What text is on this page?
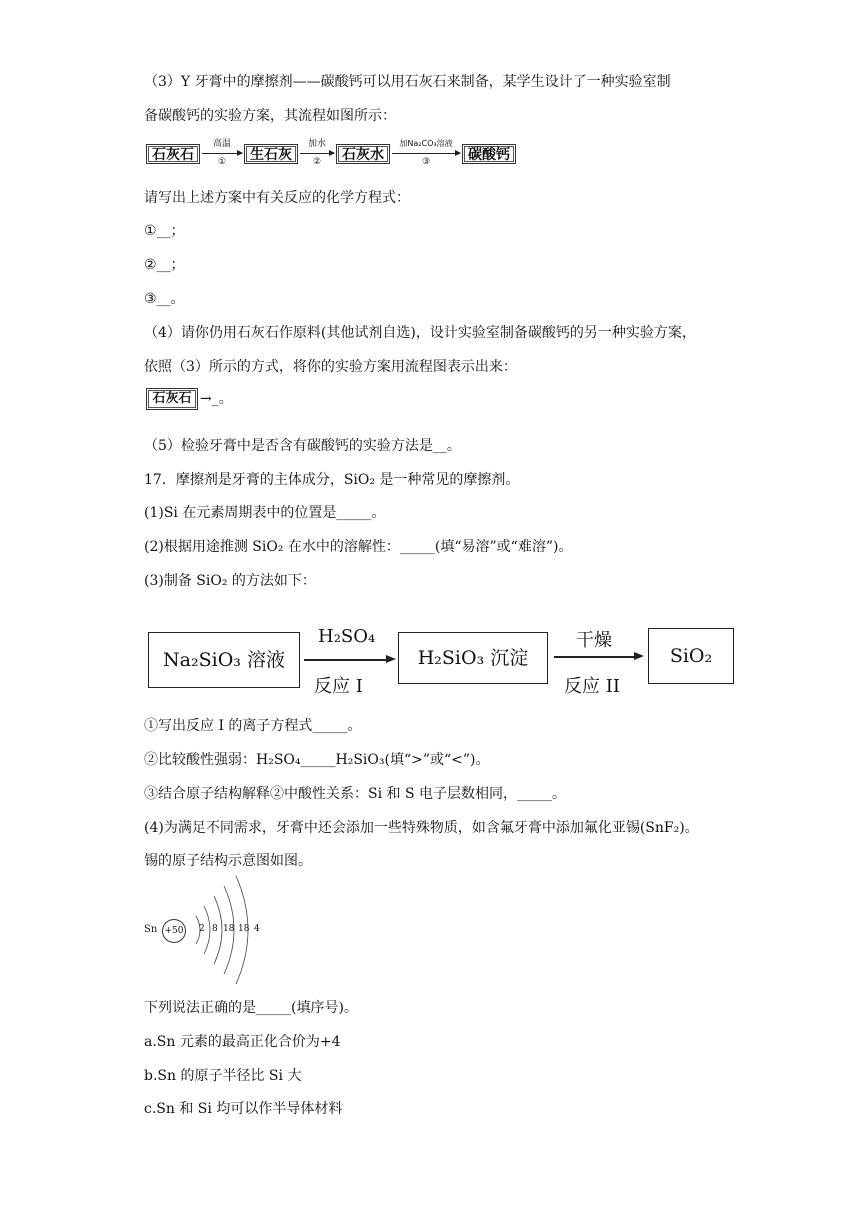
（3）Y 牙膏中的摩擦剂——碳酸钙可以用石灰石来制备，某学生设计了一种实验室制
备碳酸钙的实验方案，其流程如图所示：
石灰石
高温
①	生石灰
加水
②	石灰水
加Na₂CO₃溶液
③	碳酸钙
请写出上述方案中有关反应的化学方程式：
①__；
②__；
③__。
（4）请你仍用石灰石作原料(其他试剂自选)，设计实验室制备碳酸钙的另一种实验方案，
依照（3）所示的方式，将你的实验方案用流程图表示出来：
石灰石 →_。
（5）检验牙膏中是否含有碳酸钙的实验方法是__。
17．摩擦剂是牙膏的主体成分，SiO₂ 是一种常见的摩擦剂。
(1)Si 在元素周期表中的位置是_____。
(2)根据用途推测 SiO₂ 在水中的溶解性：_____(填“易溶”或“难溶”)。
(3)制备 SiO₂ 的方法如下：
Na₂SiO₃ 溶液
H₂SO₄
反应 I
H₂SiO₃ 沉淀
干燥
反应 II
SiO₂
①写出反应 I 的离子方程式_____。
②比较酸性强弱：H₂SO₄_____H₂SiO₃(填“>”或“<”)。
③结合原子结构解释②中酸性关系：Si 和 S 电子层数相同，_____。
(4)为满足不同需求，牙膏中还会添加一些特殊物质，如含氟牙膏中添加氟化亚锡(SnF₂)。
锡的原子结构示意图如图。
Sn +50 2 8 18 18 4
下列说法正确的是_____(填序号)。
a.Sn 元素的最高正化合价为+4
b.Sn 的原子半径比 Si 大
c.Sn 和 Si 均可以作半导体材料
